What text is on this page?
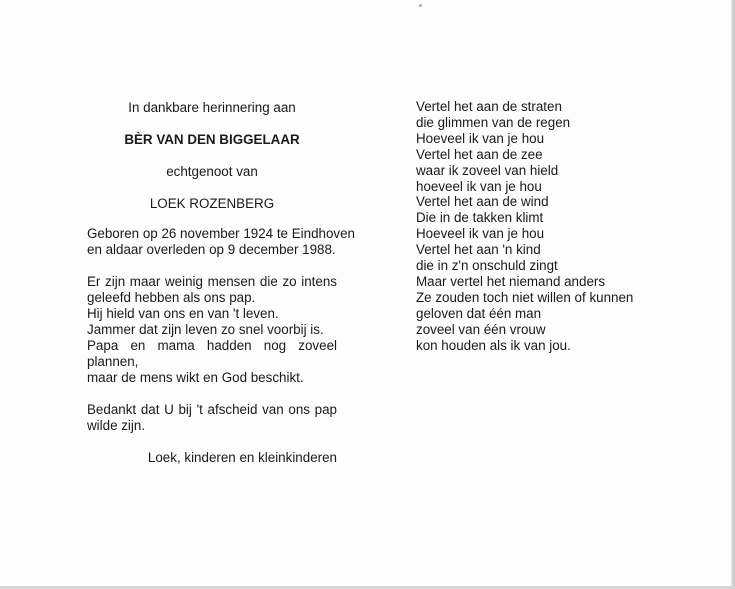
In dankbare herinnering aan
BÈR VAN DEN BIGGELAAR
echtgenoot van
LOEK ROZENBERG
Geboren op 26 november 1924 te Eindhoven
en aldaar overleden op 9 december 1988.
Er zijn maar weinig mensen die zo intens
geleefd hebben als ons pap.
Hij hield van ons en van 't leven.
Jammer dat zijn leven zo snel voorbij is.
Papa en mama hadden nog zoveel plannen,
maar de mens wikt en God beschikt.
Bedankt dat U bij 't afscheid van ons pap
wilde zijn.
Loek, kinderen en kleinkinderen
Vertel het aan de straten
die glimmen van de regen
Hoeveel ik van je hou
Vertel het aan de zee
waar ik zoveel van hield
hoeveel ik van je hou
Vertel het aan de wind
Die in de takken klimt
Hoeveel ik van je hou
Vertel het aan 'n kind
die in z'n onschuld zingt
Maar vertel het niemand anders
Ze zouden toch niet willen of kunnen
geloven dat één man
zoveel van één vrouw
kon houden als ik van jou.
